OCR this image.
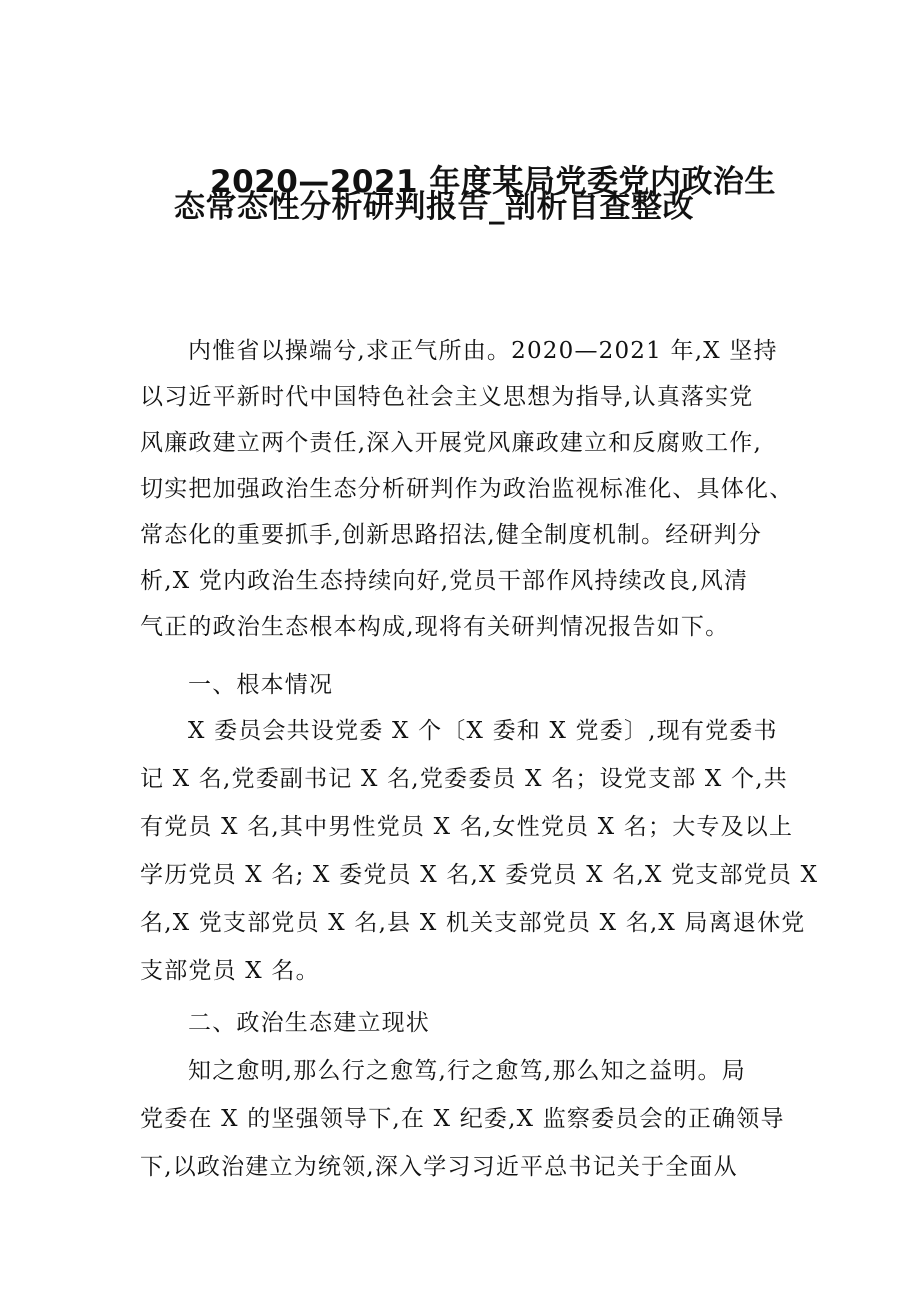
2020—2021 年度某局党委党内政治生
态常态性分析研判报告_剖析自查整改
内惟省以操端兮,求正气所由。2020—2021 年,X 坚持
以习近平新时代中国特色社会主义思想为指导,认真落实党
风廉政建立两个责任,深入开展党风廉政建立和反腐败工作,
切实把加强政治生态分析研判作为政治监视标准化、具体化、
常态化的重要抓手,创新思路招法,健全制度机制。经研判分
析,X 党内政治生态持续向好,党员干部作风持续改良,风清
气正的政治生态根本构成,现将有关研判情况报告如下。
一、根本情况
X 委员会共设党委 X 个〔X 委和 X 党委〕,现有党委书
记 X 名,党委副书记 X 名,党委委员 X 名；设党支部 X 个,共
有党员 X 名,其中男性党员 X 名,女性党员 X 名；大专及以上
学历党员 X 名; X 委党员 X 名,X 委党员 X 名,X 党支部党员 X
名,X 党支部党员 X 名,县 X 机关支部党员 X 名,X 局离退休党
支部党员 X 名。
二、政治生态建立现状
知之愈明,那么行之愈笃,行之愈笃,那么知之益明。局
党委在 X 的坚强领导下,在 X 纪委,X 监察委员会的正确领导
下,以政治建立为统领,深入学习习近平总书记关于全面从
